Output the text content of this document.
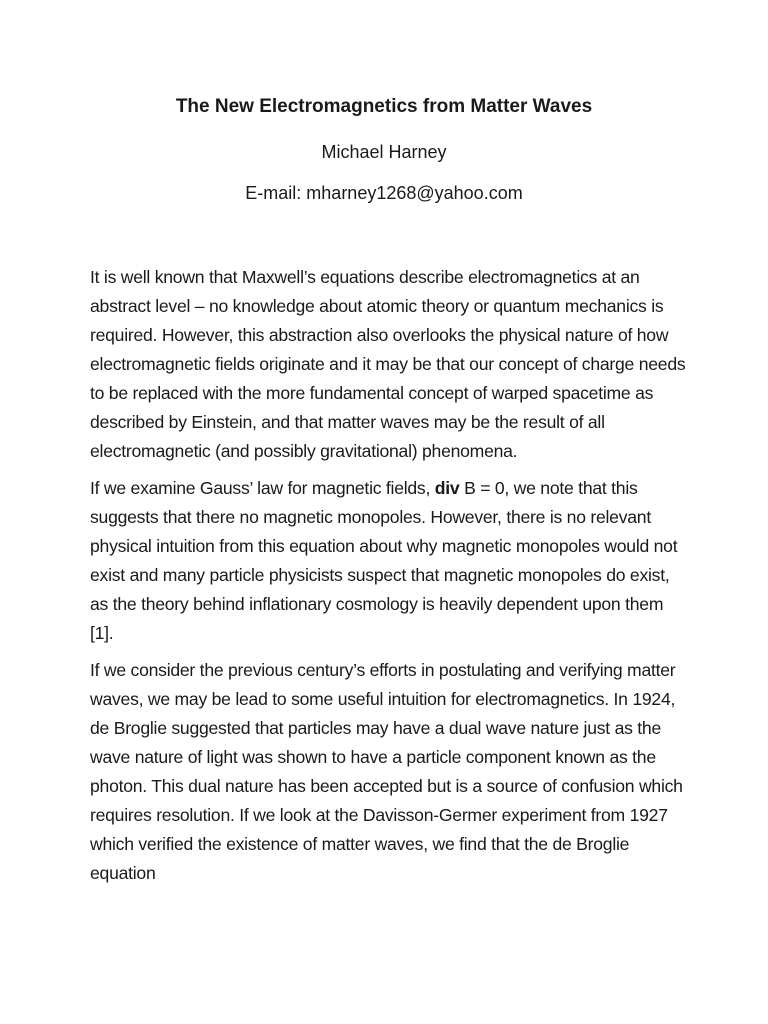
The New Electromagnetics from Matter Waves
Michael Harney
E-mail: mharney1268@yahoo.com

It is well known that Maxwell’s equations describe electromagnetics at an abstract level – no knowledge about atomic theory or quantum mechanics is required. However, this abstraction also overlooks the physical nature of how electromagnetic fields originate and it may be that our concept of charge needs to be replaced with the more fundamental concept of warped spacetime as described by Einstein, and that matter waves may be the result of all electromagnetic (and possibly gravitational) phenomena.

If we examine Gauss’ law for magnetic fields, div B = 0, we note that this suggests that there no magnetic monopoles. However, there is no relevant physical intuition from this equation about why magnetic monopoles would not exist and many particle physicists suspect that magnetic monopoles do exist, as the theory behind inflationary cosmology is heavily dependent upon them [1].

If we consider the previous century’s efforts in postulating and verifying matter waves, we may be lead to some useful intuition for electromagnetics. In 1924, de Broglie suggested that particles may have a dual wave nature just as the wave nature of light was shown to have a particle component known as the photon. This dual nature has been accepted but is a source of confusion which requires resolution. If we look at the Davisson-Germer experiment from 1927 which verified the existence of matter waves, we find that the de Broglie equation
